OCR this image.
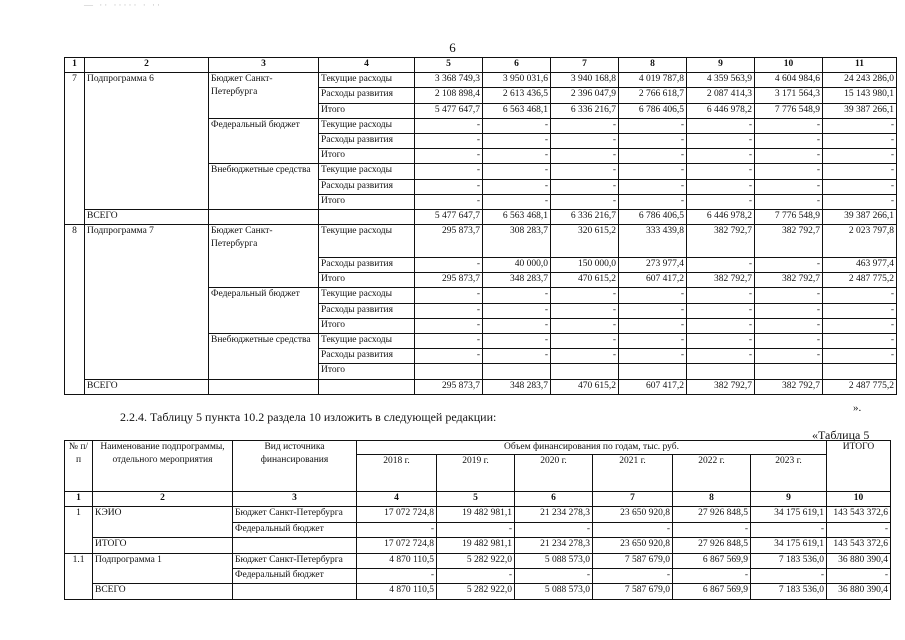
— ·· ····· · ··
6
1	2	3	4	5	6	7	8	9	10	11
7	Подпрограмма 6	Бюджет Санкт-Петербурга	Текущие расходы	3 368 749,3	3 950 031,6	3 940 168,8	4 019 787,8	4 359 563,9	4 604 984,6	24 243 286,0
			Расходы развития	2 108 898,4	2 613 436,5	2 396 047,9	2 766 618,7	2 087 414,3	3 171 564,3	15 143 980,1
			Итого	5 477 647,7	6 563 468,1	6 336 216,7	6 786 406,5	6 446 978,2	7 776 548,9	39 387 266,1
		Федеральный бюджет	Текущие расходы	-	-	-	-	-	-	-
			Расходы развития	-	-	-	-	-	-	-
			Итого	-	-	-	-	-	-	-
		Внебюджетные средства	Текущие расходы	-	-	-	-	-	-	-
			Расходы развития	-	-	-	-	-	-	-
			Итого	-	-	-	-	-	-	-
	ВСЕГО			5 477 647,7	6 563 468,1	6 336 216,7	6 786 406,5	6 446 978,2	7 776 548,9	39 387 266,1
8	Подпрограмма 7	Бюджет Санкт-Петербурга	Текущие расходы	295 873,7	308 283,7	320 615,2	333 439,8	382 792,7	382 792,7	2 023 797,8
			Расходы развития	-	40 000,0	150 000,0	273 977,4	-	-	463 977,4
			Итого	295 873,7	348 283,7	470 615,2	607 417,2	382 792,7	382 792,7	2 487 775,2
		Федеральный бюджет	Текущие расходы	-	-	-	-	-	-	-
			Расходы развития	-	-	-	-	-	-	-
			Итого	-	-	-	-	-	-	-
		Внебюджетные средства	Текущие расходы	-	-	-	-	-	-	-
			Расходы развития	-	-	-	-	-	-	-
			Итого							
	ВСЕГО			295 873,7	348 283,7	470 615,2	607 417,2	382 792,7	382 792,7	2 487 775,2
».
2.2.4. Таблицу 5 пункта 10.2 раздела 10 изложить в следующей редакции:
«Таблица 5
№ п/п	Наименование подпрограммы, отдельного мероприятия	Вид источника финансирования	Объем финансирования по годам, тыс. руб.						ИТОГО
			2018 г.	2019 г.	2020 г.	2021 г.	2022 г.	2023 г.	
1	2	3	4	5	6	7	8	9	10
1	КЭИО	Бюджет Санкт-Петербурга	17 072 724,8	19 482 981,1	21 234 278,3	23 650 920,8	27 926 848,5	34 175 619,1	143 543 372,6
		Федеральный бюджет	-	-	-	-	-	-	-
	ИТОГО		17 072 724,8	19 482 981,1	21 234 278,3	23 650 920,8	27 926 848,5	34 175 619,1	143 543 372,6
1.1	Подпрограмма 1	Бюджет Санкт-Петербурга	4 870 110,5	5 282 922,0	5 088 573,0	7 587 679,0	6 867 569,9	7 183 536,0	36 880 390,4
		Федеральный бюджет	-	-	-	-	-	-	-
	ВСЕГО		4 870 110,5	5 282 922,0	5 088 573,0	7 587 679,0	6 867 569,9	7 183 536,0	36 880 390,4
